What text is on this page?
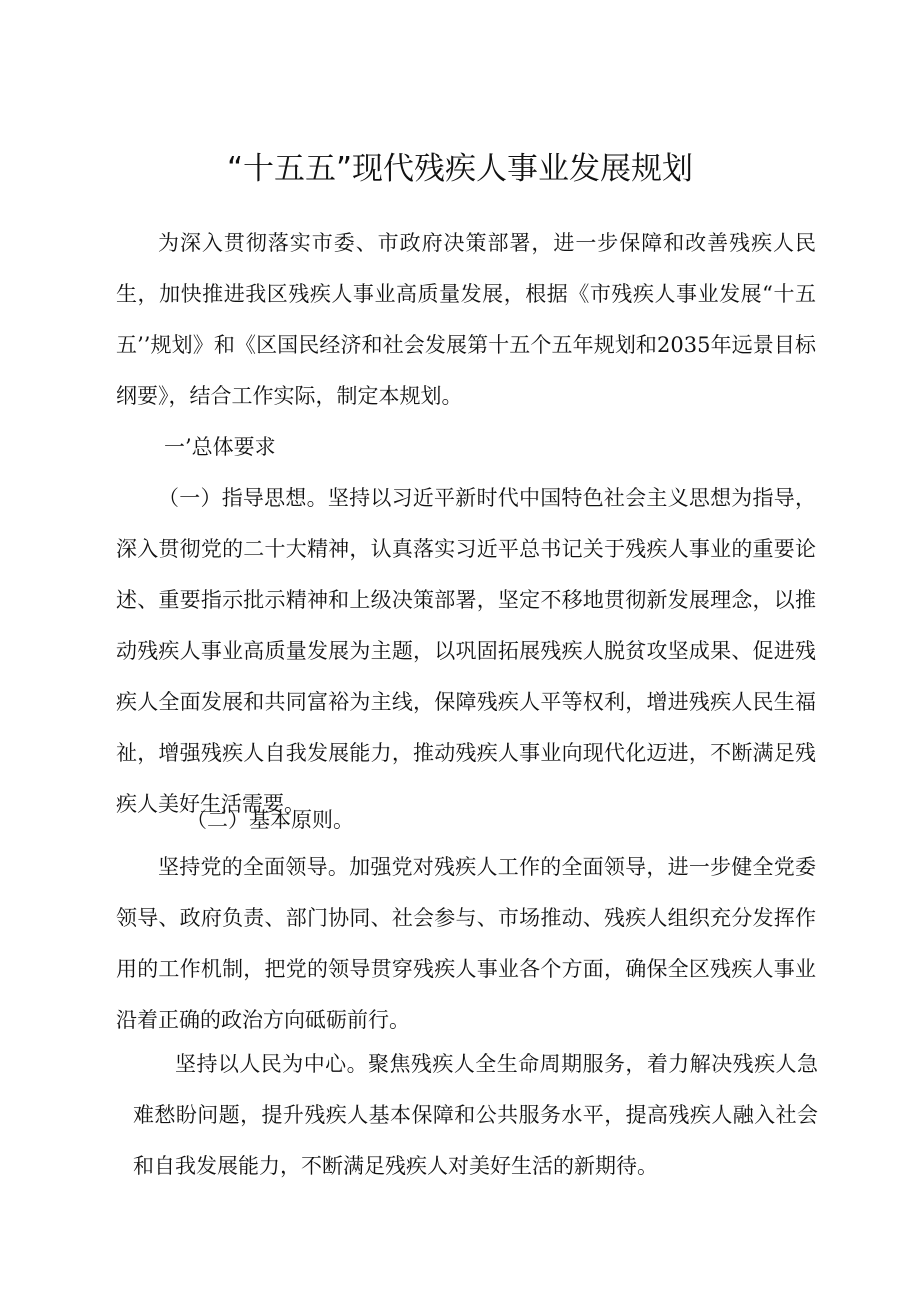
“十五五”现代残疾人事业发展规划

为深入贯彻落实市委、市政府决策部署，进一步保障和改善残疾人民生，加快推进我区残疾人事业高质量发展，根据《市残疾人事业发展“十五五’’规划》和《区国民经济和社会发展第十五个五年规划和2035年远景目标纲要》，结合工作实际，制定本规划。

一’总体要求

（一）指导思想。坚持以习近平新时代中国特色社会主义思想为指导，深入贯彻党的二十大精神，认真落实习近平总书记关于残疾人事业的重要论述、重要指示批示精神和上级决策部署，坚定不移地贯彻新发展理念，以推动残疾人事业高质量发展为主题，以巩固拓展残疾人脱贫攻坚成果、促进残疾人全面发展和共同富裕为主线，保障残疾人平等权利，增进残疾人民生福祉，增强残疾人自我发展能力，推动残疾人事业向现代化迈进，不断满足残疾人美好生活需要。

（二）基本原则。

坚持党的全面领导。加强党对残疾人工作的全面领导，进一步健全党委领导、政府负责、部门协同、社会参与、市场推动、残疾人组织充分发挥作用的工作机制，把党的领导贯穿残疾人事业各个方面，确保全区残疾人事业沿着正确的政治方向砥砺前行。

坚持以人民为中心。聚焦残疾人全生命周期服务，着力解决残疾人急难愁盼问题，提升残疾人基本保障和公共服务水平，提高残疾人融入社会和自我发展能力，不断满足残疾人对美好生活的新期待。
